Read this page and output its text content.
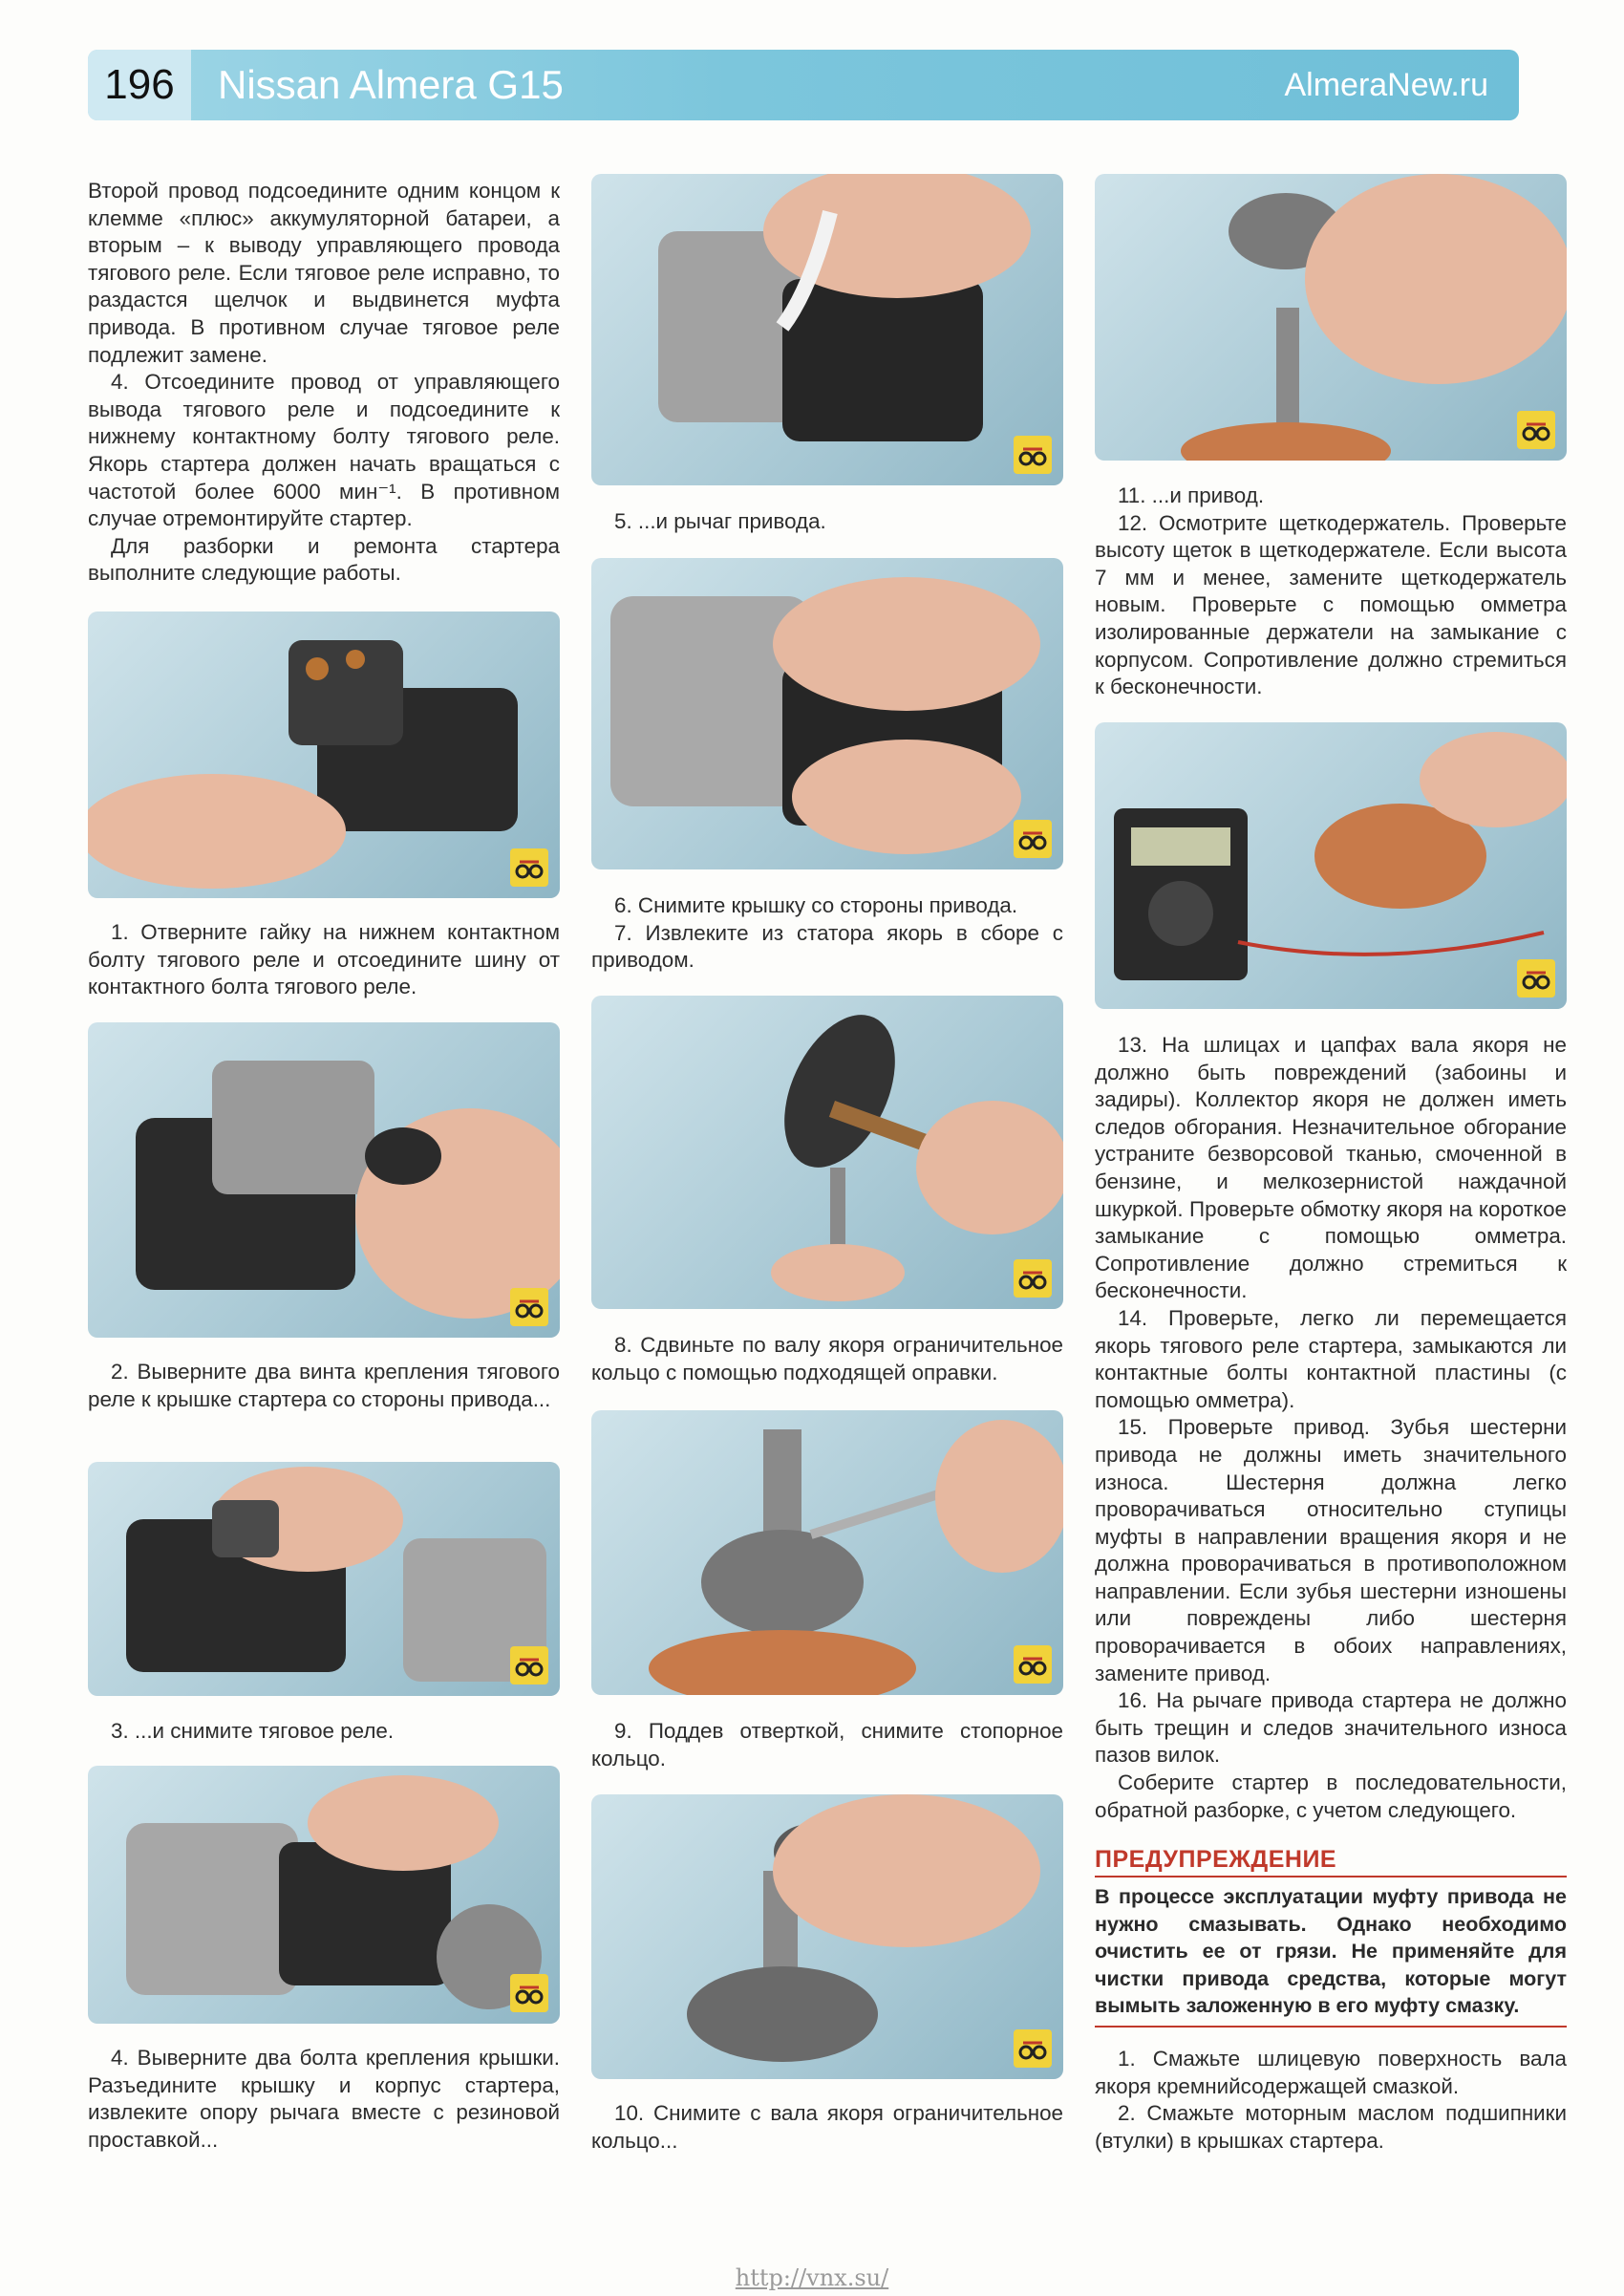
196	Nissan Almera G15	AlmeraNew.ru

Второй провод подсоедините одним концом к клемме «плюс» аккумуляторной батареи, а вторым – к выводу управляющего провода тягового реле. Если тяговое реле исправно, то раздастся щелчок и выдвинется муфта привода. В противном случае тяговое реле подлежит замене.

4. Отсоедините провод от управляющего вывода тягового реле и подсоедините к нижнему контактному болту тягового реле. Якорь стартера должен начать вращаться с частотой более 6000 мин⁻¹. В противном случае отремонтируйте стартер.

Для разборки и ремонта стартера выполните следующие работы.

1. Отверните гайку на нижнем контактном болту тягового реле и отсоедините шину от контактного болта тягового реле.

2. Выверните два винта крепления тягового реле к крышке стартера со стороны привода...

3. ...и снимите тяговое реле.

4. Выверните два болта крепления крышки. Разъедините крышку и корпус стартера, извлеките опору рычага вместе с резиновой проставкой...

5. ...и рычаг привода.

6. Снимите крышку со стороны привода.

7. Извлеките из статора якорь в сборе с приводом.

8. Сдвиньте по валу якоря ограничительное кольцо с помощью подходящей оправки.

9. Поддев отверткой, снимите стопорное кольцо.

10. Снимите с вала якоря ограничительное кольцо...

11. ...и привод.

12. Осмотрите щеткодержатель. Проверьте высоту щеток в щеткодержателе. Если высота 7 мм и менее, замените щеткодержатель новым. Проверьте с помощью омметра изолированные держатели на замыкание с корпусом. Сопротивление должно стремиться к бесконечности.

13. На шлицах и цапфах вала якоря не должно быть повреждений (забоины и задиры). Коллектор якоря не должен иметь следов обгорания. Незначительное обгорание устраните безворсовой тканью, смоченной в бензине, и мелкозернистой наждачной шкуркой. Проверьте обмотку якоря на короткое замыкание с помощью омметра. Сопротивление должно стремиться к бесконечности.

14. Проверьте, легко ли перемещается якорь тягового реле стартера, замыкаются ли контактные болты контактной пластины (с помощью омметра).

15. Проверьте привод. Зубья шестерни привода не должны иметь значительного износа. Шестерня должна легко проворачиваться относительно ступицы муфты в направлении вращения якоря и не должна проворачиваться в противоположном направлении. Если зубья шестерни изношены или повреждены либо шестерня проворачивается в обоих направлениях, замените привод.

16. На рычаге привода стартера не должно быть трещин и следов значительного износа пазов вилок.

Соберите стартер в последовательности, обратной разборке, с учетом следующего.

ПРЕДУПРЕЖДЕНИЕ
В процессе эксплуатации муфту привода не нужно смазывать. Однако необходимо очистить ее от грязи. Не применяйте для чистки привода средства, которые могут вымыть заложенную в его муфту смазку.

1. Смажьте шлицевую поверхность вала якоря кремнийсодержащей смазкой.

2. Смажьте моторным маслом подшипники (втулки) в крышках стартера.

http://vnx.su/
